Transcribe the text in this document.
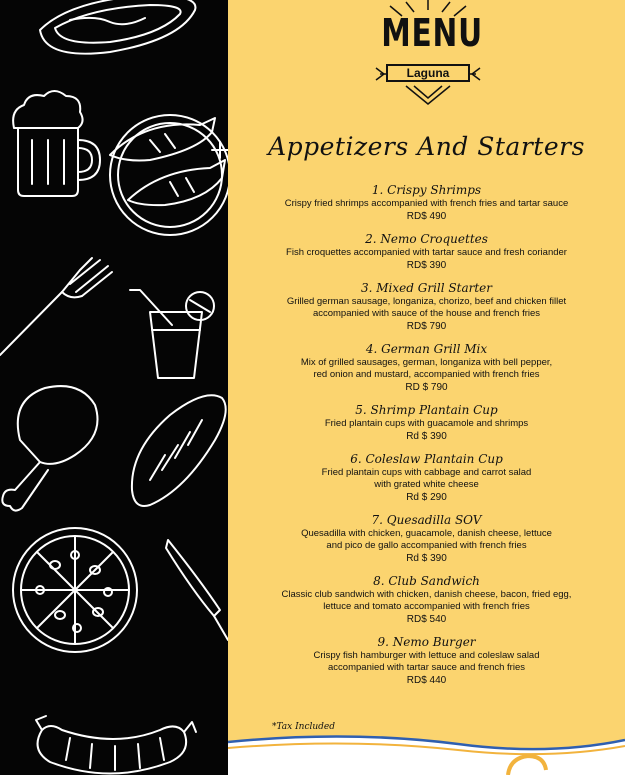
MENU
Laguna
Appetizers And Starters
1. Crispy Shrimps
Crispy fried shrimps accompanied with french fries and tartar sauce
RD$ 490
2. Nemo Croquettes
Fish croquettes accompanied with tartar sauce and fresh coriander
RD$ 390
3. Mixed Grill Starter
Grilled german sausage, longaniza, chorizo, beef and chicken fillet
accompanied with sauce of the house and french fries
RD$ 790
4. German Grill Mix
Mix of grilled sausages, german, longaniza with bell pepper,
red onion and mustard, accompanied with french fries
RD $ 790
5. Shrimp Plantain Cup
Fried plantain cups with guacamole and shrimps
Rd $ 390
6. Coleslaw Plantain Cup
Fried plantain cups with cabbage and carrot salad
with grated white cheese
Rd $ 290
7. Quesadilla SOV
Quesadilla with chicken, guacamole, danish cheese, lettuce
and pico de gallo accompanied with french fries
Rd $ 390
8. Club Sandwich
Classic club sandwich with chicken, danish cheese, bacon, fried egg,
lettuce and tomato accompanied with french fries
RD$ 540
9. Nemo Burger
Crispy fish hamburger with lettuce and coleslaw salad
accompanied with tartar sauce and french fries
RD$ 440
*Tax Included
